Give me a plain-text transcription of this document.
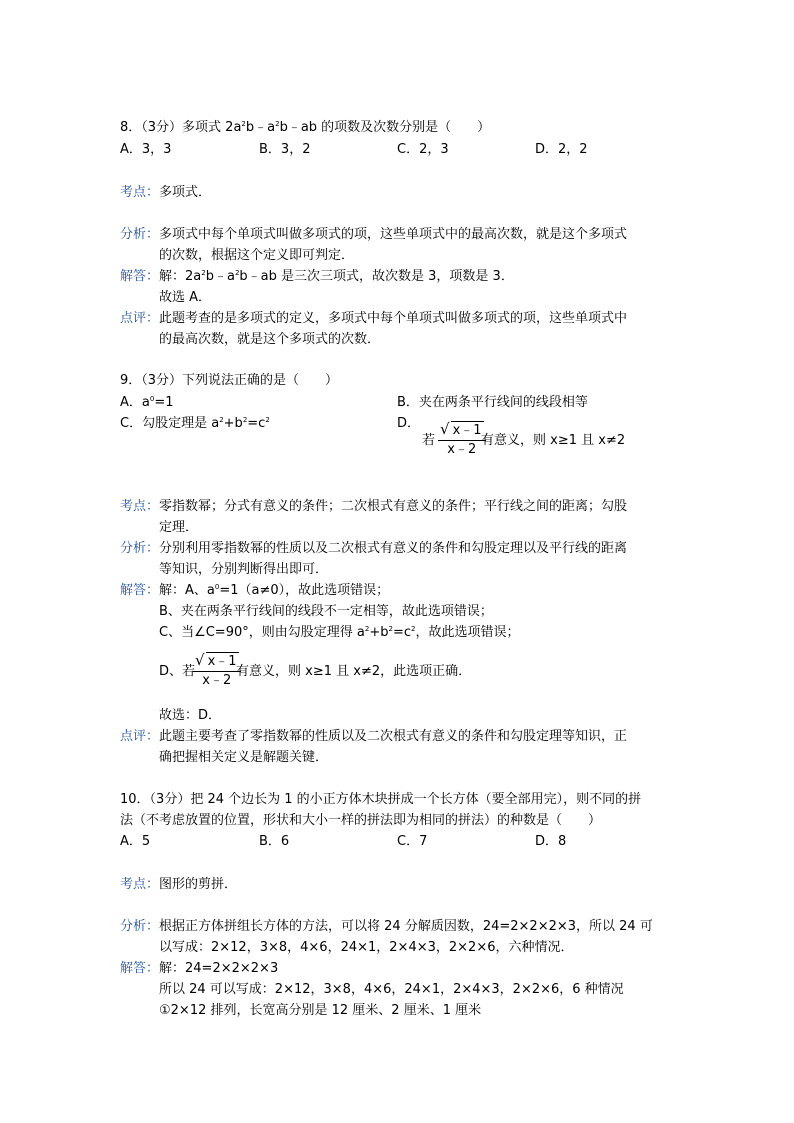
8．（3分）多项式 $2a^2b﹣a^2b﹣ab$ 的项数及次数分别是（　　）
A．3，3	B．3，2	C．2，3	D．2，2
考点：多项式．
分析：多项式中每个单项式叫做多项式的项，这些单项式中的最高次数，就是这个多项式
的次数，根据这个定义即可判定．
解答：解：$2a^2b﹣a^2b﹣ab$ 是三次三项式，故次数是 3，项数是 3．
故选 A．
点评：此题考查的是多项式的定义，多项式中每个单项式叫做多项式的项，这些单项式中
的最高次数，就是这个多项式的次数．
9．（3分）下列说法正确的是（　　）
A．$a^0=1$	B．夹在两条平行线间的线段相等
C．勾股定理是 $a^2+b^2=c^2$	D．
若 $\frac{√ x﹣1}{x﹣2}$
有意义，则 x≥1 且 x≠2
考点：零指数幂；分式有意义的条件；二次根式有意义的条件；平行线之间的距离；勾股
定理．
分析：分别利用零指数幂的性质以及二次根式有意义的条件和勾股定理以及平行线的距离
等知识，分别判断得出即可．
解答：解：A、$a^0=1(a\ne 0)$，故此选项错误；
B、夹在两条平行线间的线段不一定相等，故此选项错误；
C、当∠C=90°，则由勾股定理得 $a^2+b^2=c^2$，故此选项错误；
D、若
$\frac{√ x﹣1}{x﹣2}$
有意义，则 x≥1 且 x≠2，此选项正确．
故选：D．
点评：此题主要考查了零指数幂的性质以及二次根式有意义的条件和勾股定理等知识，正
确把握相关定义是解题关键．
10．（3分）把 24 个边长为 1 的小正方体木块拼成一个长方体（要全部用完），则不同的拼
法（不考虑放置的位置，形状和大小一样的拼法即为相同的拼法）的种数是（　　）
A．5	B．6	C．7	D．8
考点：图形的剪拼．
分析：根据正方体拼组长方体的方法，可以将 24 分解质因数，24=2×2×2×3，所以 24 可
以写成：2×12，3×8，4×6，24×1，2×4×3，2×2×6，六种情况．
解答：解：24=2×2×2×3
所以 24 可以写成：2×12，3×8，4×6，24×1，2×4×3，2×2×6，6 种情况
①2×12 排列，长宽高分别是 12 厘米、2 厘米、1 厘米
